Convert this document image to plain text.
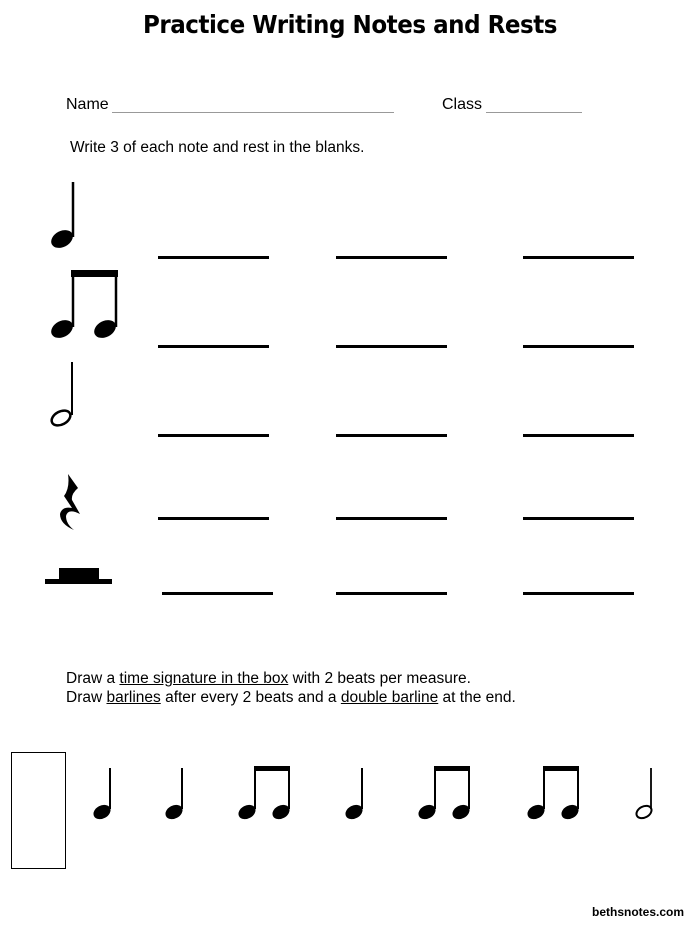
Practice Writing Notes and Rests
Name	Class
Write 3 of each note and rest in the blanks.
Draw a time signature in the box with 2 beats per measure.
Draw barlines after every 2 beats and a double barline at the end.
bethsnotes.com
